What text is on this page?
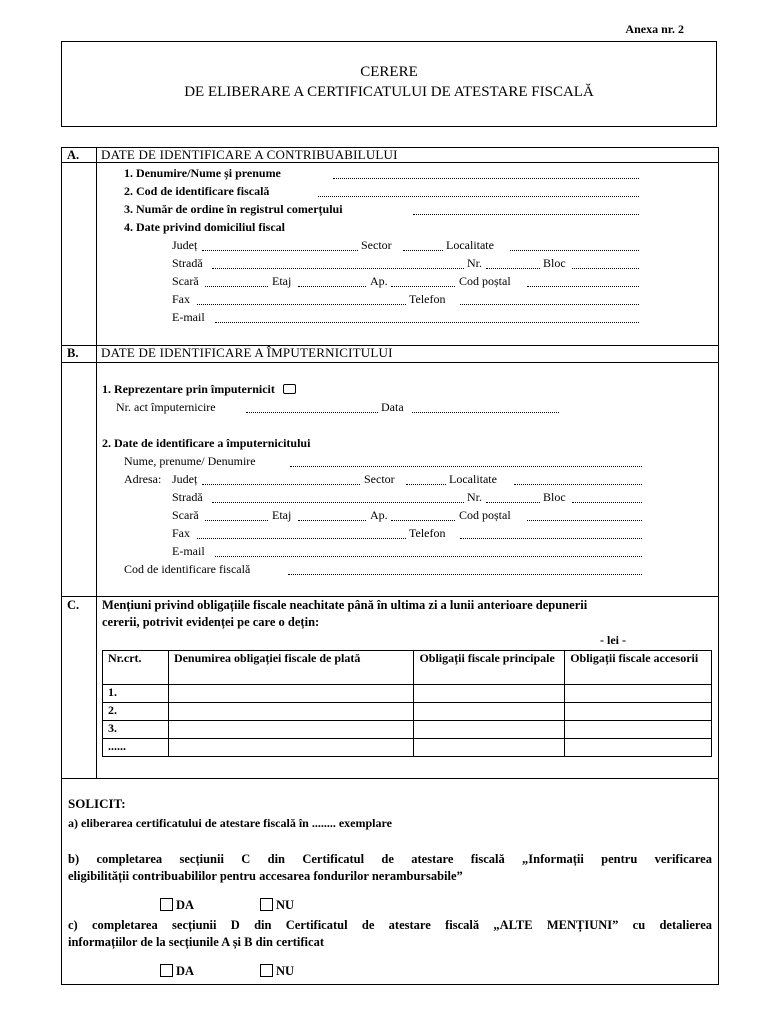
Anexa nr. 2
CERERE
DE ELIBERARE A CERTIFICATULUI DE ATESTARE FISCALĂ
A. DATE DE IDENTIFICARE A CONTRIBUABILULUI
1. Denumire/Nume și prenume
2. Cod de identificare fiscală
3. Număr de ordine în registrul comerțului
4. Date privind domiciliul fiscal
Județ	Sector	Localitate
Stradă	Nr.	Bloc
Scară	Etaj	Ap.	Cod poștal
Fax	Telefon
E-mail
B. DATE DE IDENTIFICARE A ÎMPUTERNICITULUI
1. Reprezentare prin împuternicit
Nr. act împuternicire	Data
2. Date de identificare a împuternicitului
Nume, prenume/ Denumire
Adresa: Județ	Sector	Localitate
Stradă	Nr.	Bloc
Scară	Etaj	Ap.	Cod poștal
Fax	Telefon
E-mail
Cod de identificare fiscală
C. Mențiuni privind obligațiile fiscale neachitate până în ultima zi a lunii anterioare depunerii
cererii, potrivit evidenței pe care o dețin:
- lei -
Nr.crt.	Denumirea obligației fiscale de plată	Obligații fiscale principale	Obligații fiscale accesorii
1.			
2.			
3.			
......			
SOLICIT:
a) eliberarea certificatului de atestare fiscală în ........ exemplare
b) completarea secțiunii C din Certificatul de atestare fiscală „Informații pentru verificarea
eligibilității contribuabililor pentru accesarea fondurilor nerambursabile”
DA	NU
c) completarea secțiunii D din Certificatul de atestare fiscală „ALTE MENȚIUNI” cu detalierea
informațiilor de la secțiunile A și B din certificat
DA	NU
